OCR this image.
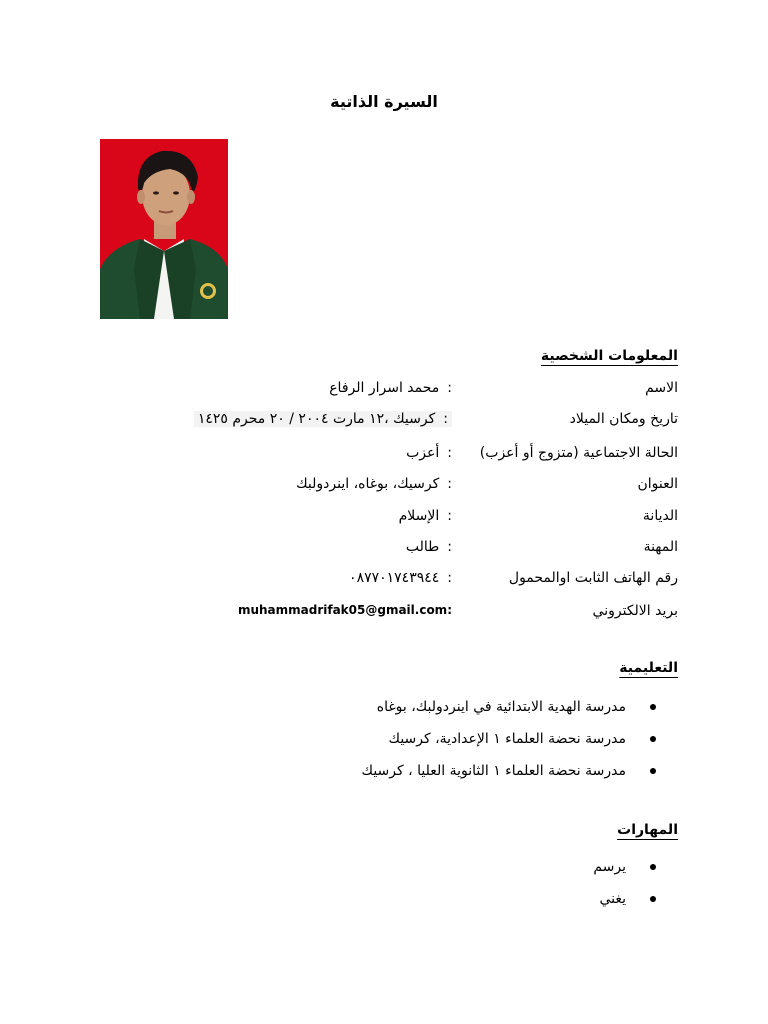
السيرة الذاتية
المعلومات الشخصية
الاسم
:محمد اسرار الرفاع
تاريخ ومكان الميلاد
:كرسيك ،١٢ مارت ٢٠٠٤ / ٢٠ محرم ١٤٢٥
الحالة الاجتماعية (متزوج أو أعزب)
:أعزب
العنوان
:كرسيك، بوغاه، اينردولبك
الديانة
:الإسلام
المهنة
:طالب
رقم الهاتف الثابت اوالمحمول
:٠٨٧٧٠١٧٤٣٩٤٤
بريد الالكتروني
muhammadrifak05@gmail.com:
التعليمية
مدرسة الهدية الابتدائية في اينردولبك، بوغاه
مدرسة نحضة العلماء ١ الإعدادية، كرسيك
مدرسة نحضة العلماء ١ الثانوية العليا ، كرسيك
المهارات
يرسم
يغني
